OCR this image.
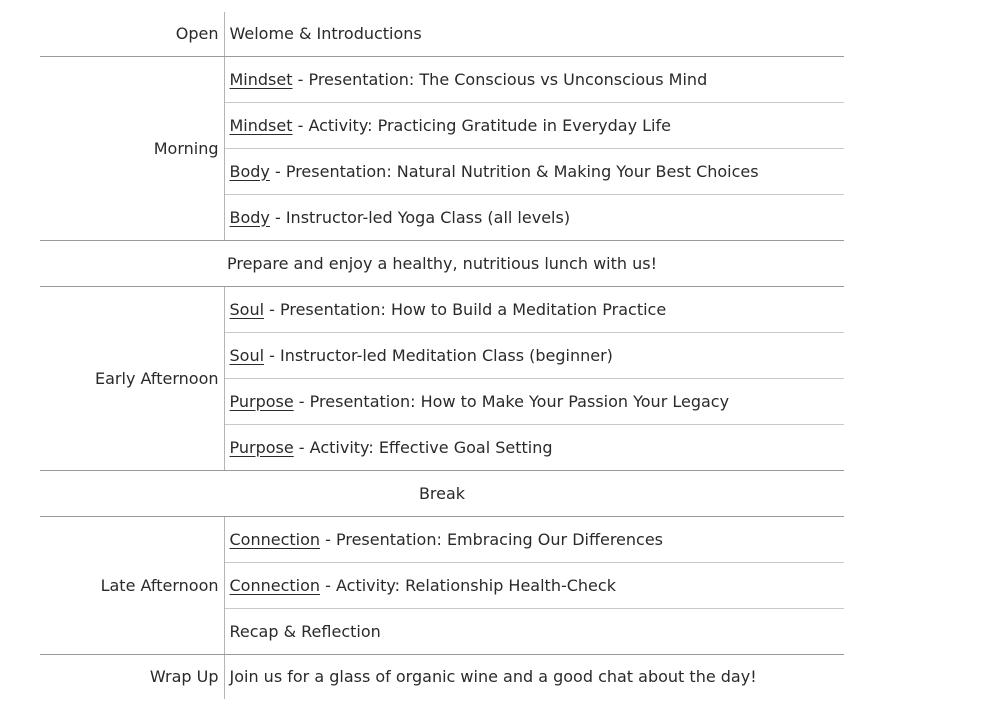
Open	Welome & Introductions
Morning	Mindset - Presentation: The Conscious vs Unconscious Mind
	Mindset - Activity: Practicing Gratitude in Everyday Life
	Body - Presentation: Natural Nutrition & Making Your Best Choices
	Body - Instructor-led Yoga Class (all levels)
Prepare and enjoy a healthy, nutritious lunch with us!	
Early Afternoon	Soul - Presentation: How to Build a Meditation Practice
	Soul - Instructor-led Meditation Class (beginner)
	Purpose - Presentation: How to Make Your Passion Your Legacy
	Purpose - Activity: Effective Goal Setting
Break	
Late Afternoon	Connection - Presentation: Embracing Our Differences
	Connection - Activity: Relationship Health-Check
	Recap & Reflection
Wrap Up	Join us for a glass of organic wine and a good chat about the day!
